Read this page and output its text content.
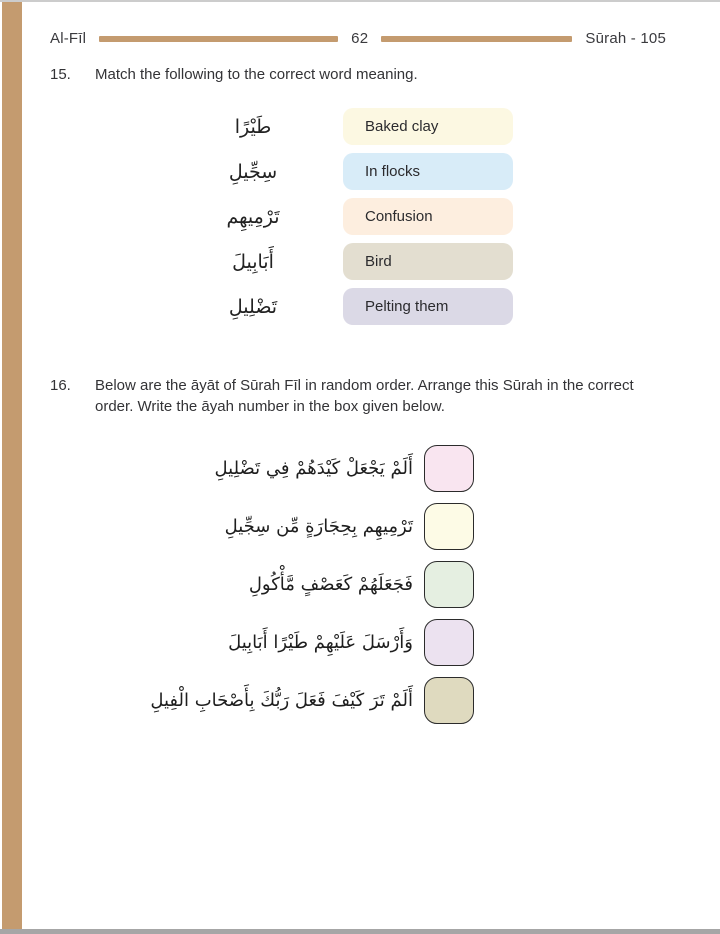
Al-Fīl	62	Sūrah - 105
15.	Match the following to the correct word meaning.
طَيْرًا	Baked clay
سِجِّيلِ	In flocks
تَرْمِيهِم	Confusion
أَبَابِيلَ	Bird
تَضْلِيلِ	Pelting them
16.	Below are the āyāt of Sūrah Fīl in random order. Arrange this Sūrah in the correct order. Write the āyah number in the box given below.
أَلَمْ يَجْعَلْ كَيْدَهُمْ فِي تَضْلِيلِ
تَرْمِيهِم بِحِجَارَةٍ مِّن سِجِّيلِ
فَجَعَلَهُمْ كَعَصْفٍ مَّأْكُولِ
وَأَرْسَلَ عَلَيْهِمْ طَيْرًا أَبَابِيلَ
أَلَمْ تَرَ كَيْفَ فَعَلَ رَبُّكَ بِأَصْحَابِ الْفِيلِ
